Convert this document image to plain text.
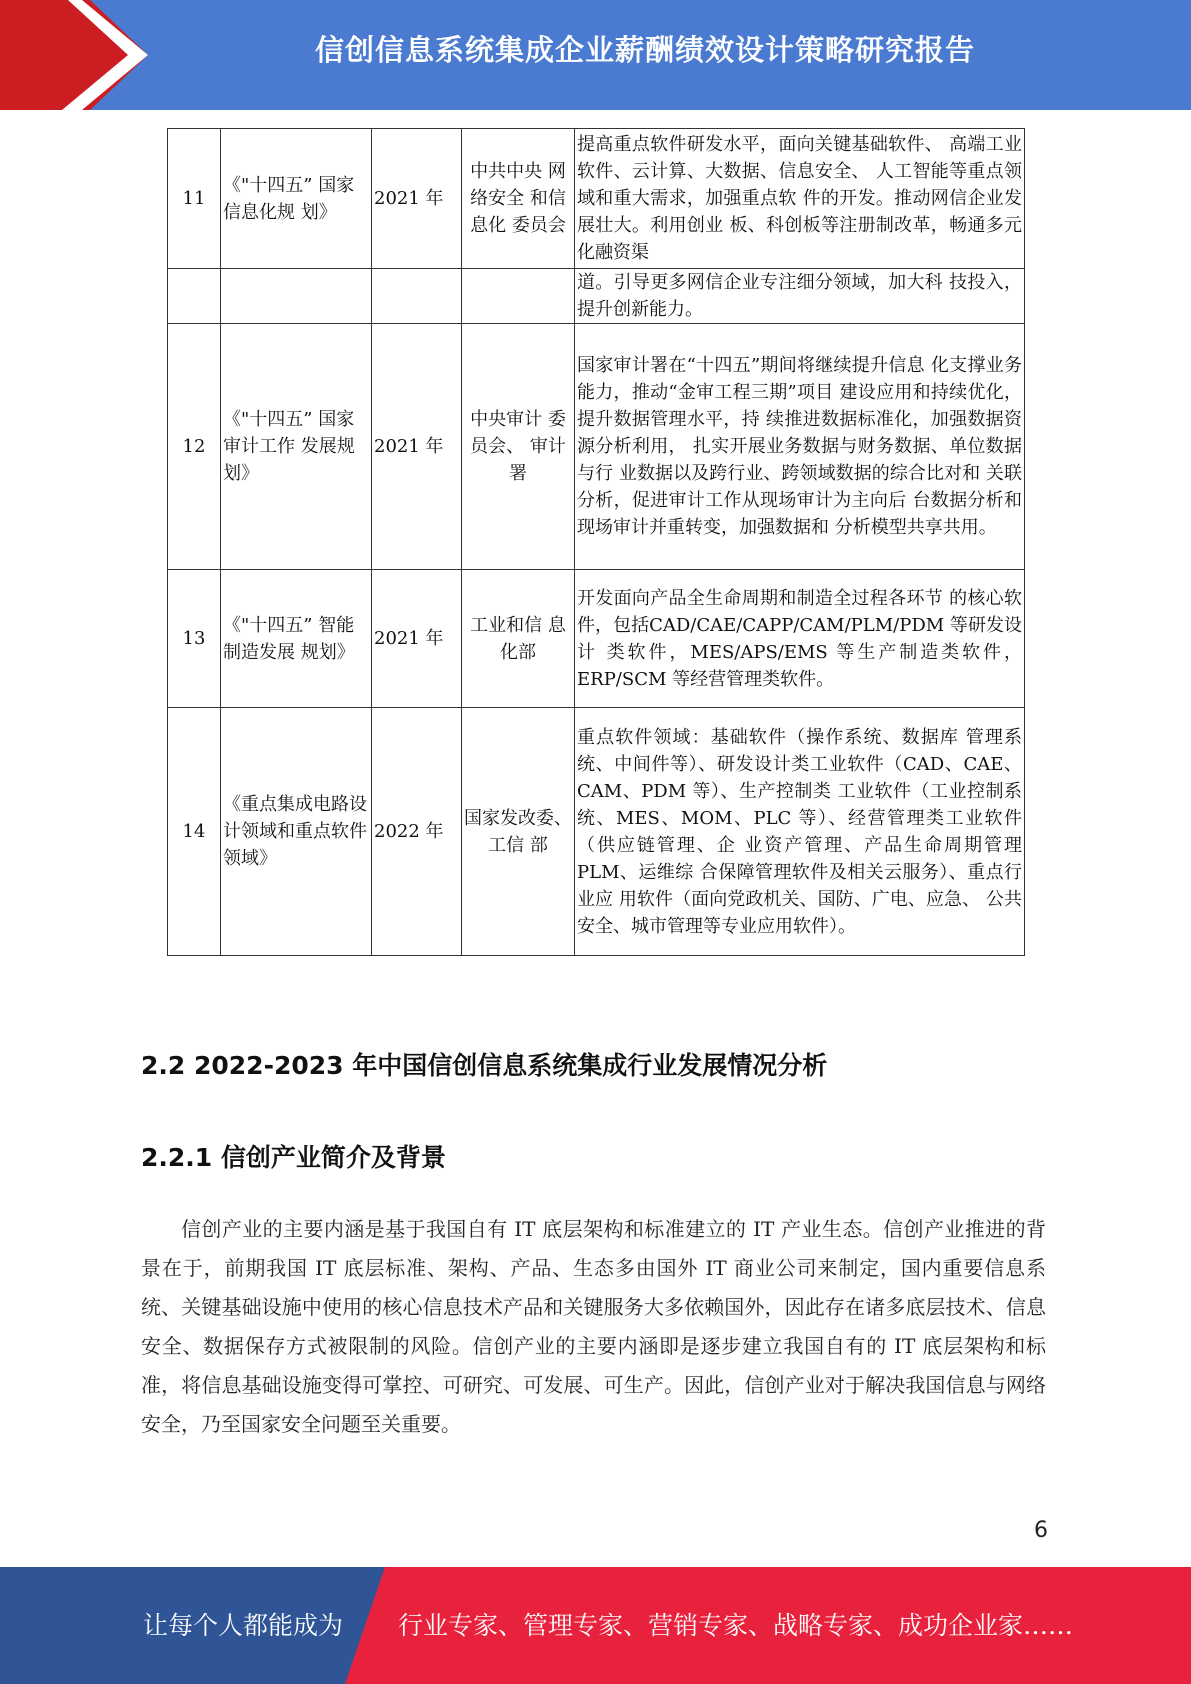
信创信息系统集成企业薪酬绩效设计策略研究报告
11	《"十四五” 国家信息化规 划》	2021 年	中共中央 网络安全 和信息化 委员会	提高重点软件研发水平，面向关键基础软件、 高端工业软件、云计算、大数据、信息安全、 人工智能等重点领域和重大需求，加强重点软 件的开发。推动网信企业发展壮大。利用创业 板、科创板等注册制改革，畅通多元化融资渠
				道。引导更多网信企业专注细分领域，加大科 技投入，提升创新能力。
12	《"十四五” 国家审计工作 发展规划》	2021 年	中央审计 委员会、 审计署	国家审计署在“十四五”期间将继续提升信息 化支撑业务能力，推动“金审工程三期”项目 建设应用和持续优化，提升数据管理水平，持 续推进数据标准化，加强数据资源分析利用， 扎实开展业务数据与财务数据、单位数据与行 业数据以及跨行业、跨领域数据的综合比对和 关联分析，促进审计工作从现场审计为主向后 台数据分析和现场审计并重转变，加强数据和 分析模型共享共用。
13	《"十四五” 智能制造发展 规划》	2021 年	工业和信 息化部	开发面向产品全生命周期和制造全过程各环节 的核心软件，包括CAD/CAE/CAPP/CAM/PLM/PDM 等研发设计 类软件，MES/APS/EMS 等生产制造类软件， ERP/SCM 等经营管理类软件。
14	《重点集成电路设计领域和重点软件领域》	2022 年	国家发改委、工信 部	重点软件领域：基础软件（操作系统、数据库 管理系统、中间件等）、研发设计类工业软件（CAD、CAE、CAM、PDM 等）、生产控制类 工业软件（工业控制系统、MES、MOM、PLC 等）、经营管理类工业软件（供应链管理、企 业资产管理、产品生命周期管理 PLM、运维综 合保障管理软件及相关云服务）、重点行业应 用软件（面向党政机关、国防、广电、应急、 公共安全、城市管理等专业应用软件）。
2.2 2022-2023 年中国信创信息系统集成行业发展情况分析
2.2.1 信创产业简介及背景

信创产业的主要内涵是基于我国自有 IT 底层架构和标准建立的 IT 产业生态。信创产业推进的背景在于，前期我国 IT 底层标准、架构、产品、生态多由国外 IT 商业公司来制定，国内重要信息系统、关键基础设施中使用的核心信息技术产品和关键服务大多依赖国外，因此存在诸多底层技术、信息安全、数据保存方式被限制的风险。信创产业的主要内涵即是逐步建立我国自有的 IT 底层架构和标准，将信息基础设施变得可掌控、可研究、可发展、可生产。因此，信创产业对于解决我国信息与网络安全，乃至国家安全问题至关重要。

6
让每个人都能成为 行业专家、管理专家、营销专家、战略专家、成功企业家……
